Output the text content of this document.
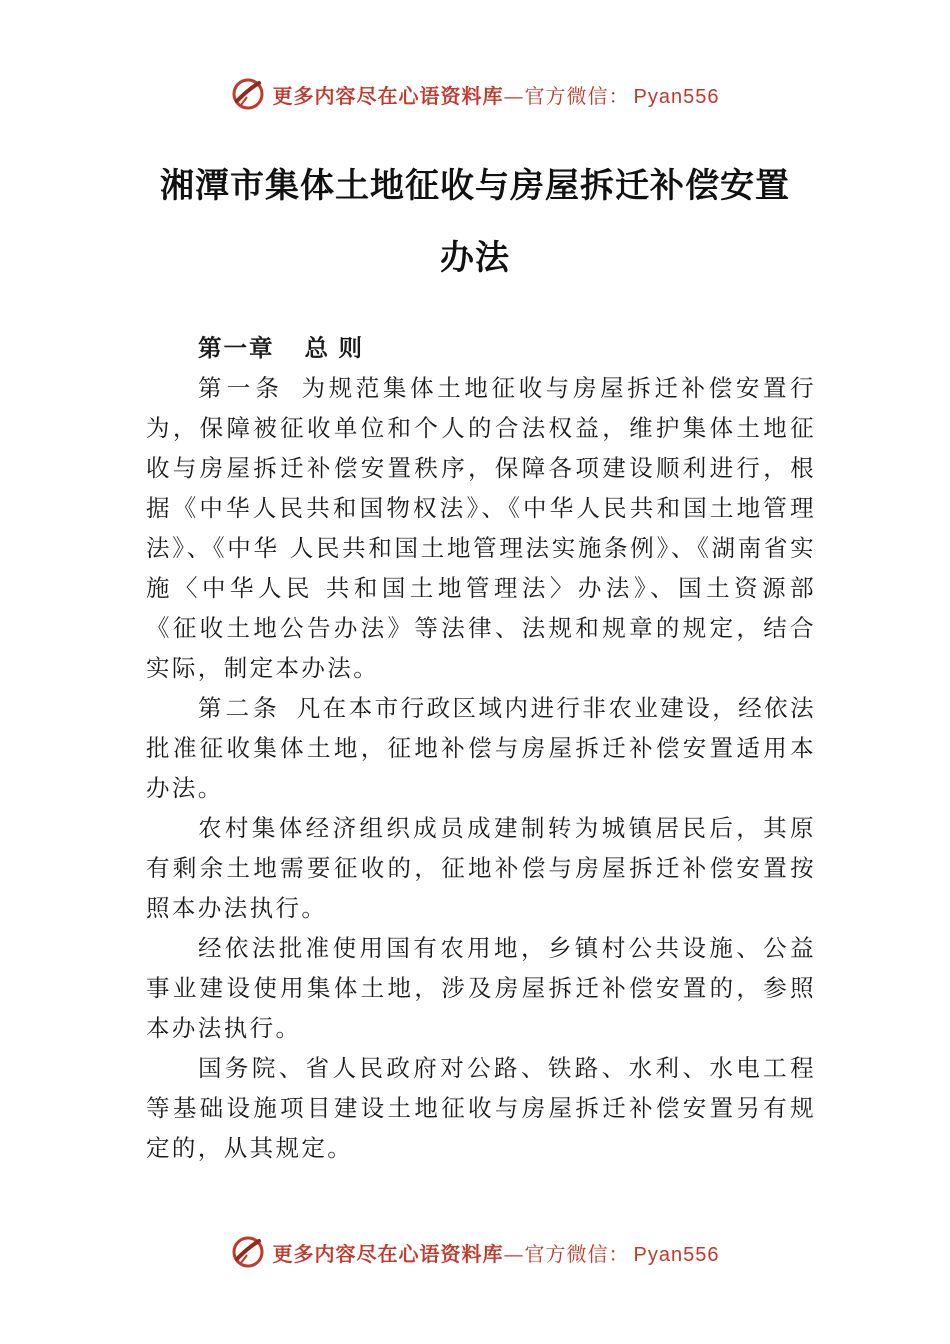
更多内容尽在心语资料库—官方微信： Pyan556
湘潭市集体土地征收与房屋拆迁补偿安置
办法
第一章 总 则

第一条 为规范集体土地征收与房屋拆迁补偿安置行为，保障被征收单位和个人的合法权益，维护集体土地征收与房屋拆迁补偿安置秩序，保障各项建设顺利进行，根据《中华人民共和国物权法》、《中华人民共和国土地管理法》、《中华 人民共和国土地管理法实施条例》、《湖南省实施〈中华人民 共和国土地管理法〉办法》、国土资源部《征收土地公告办法》等法律、法规和规章的规定，结合实际，制定本办法。

第二条 凡在本市行政区域内进行非农业建设，经依法批准征收集体土地，征地补偿与房屋拆迁补偿安置适用本办法。

农村集体经济组织成员成建制转为城镇居民后，其原有剩余土地需要征收的，征地补偿与房屋拆迁补偿安置按照本办法执行。

经依法批准使用国有农用地，乡镇村公共设施、公益事业建设使用集体土地，涉及房屋拆迁补偿安置的，参照本办法执行。

国务院、省人民政府对公路、铁路、水利、水电工程等基础设施项目建设土地征收与房屋拆迁补偿安置另有规定的，从其规定。

更多内容尽在心语资料库—官方微信： Pyan556
